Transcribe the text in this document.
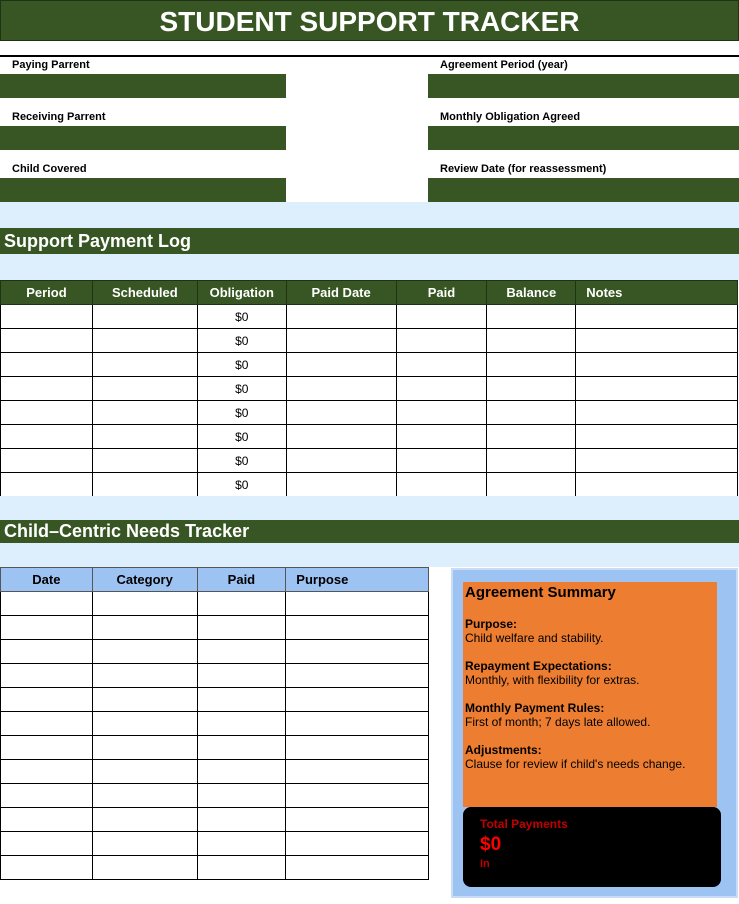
STUDENT SUPPORT TRACKER
Paying Parrent
Receiving Parrent
Child Covered
Agreement Period (year)
Monthly Obligation Agreed
Review Date (for reassessment)
Support Payment Log
Period	Scheduled	Obligation	Paid Date	Paid	Balance	Notes
		$0				
		$0				
		$0				
		$0				
		$0				
		$0				
		$0				
		$0				
Child–Centric Needs Tracker
Date	Category	Paid	Purpose

Agreement Summary
Purpose:
Child welfare and stability.
Repayment Expectations:
Monthly, with flexibility for extras.
Monthly Payment Rules:
First of month; 7 days late allowed.
Adjustments:
Clause for review if child's needs change.
Total Payments
$0
In
